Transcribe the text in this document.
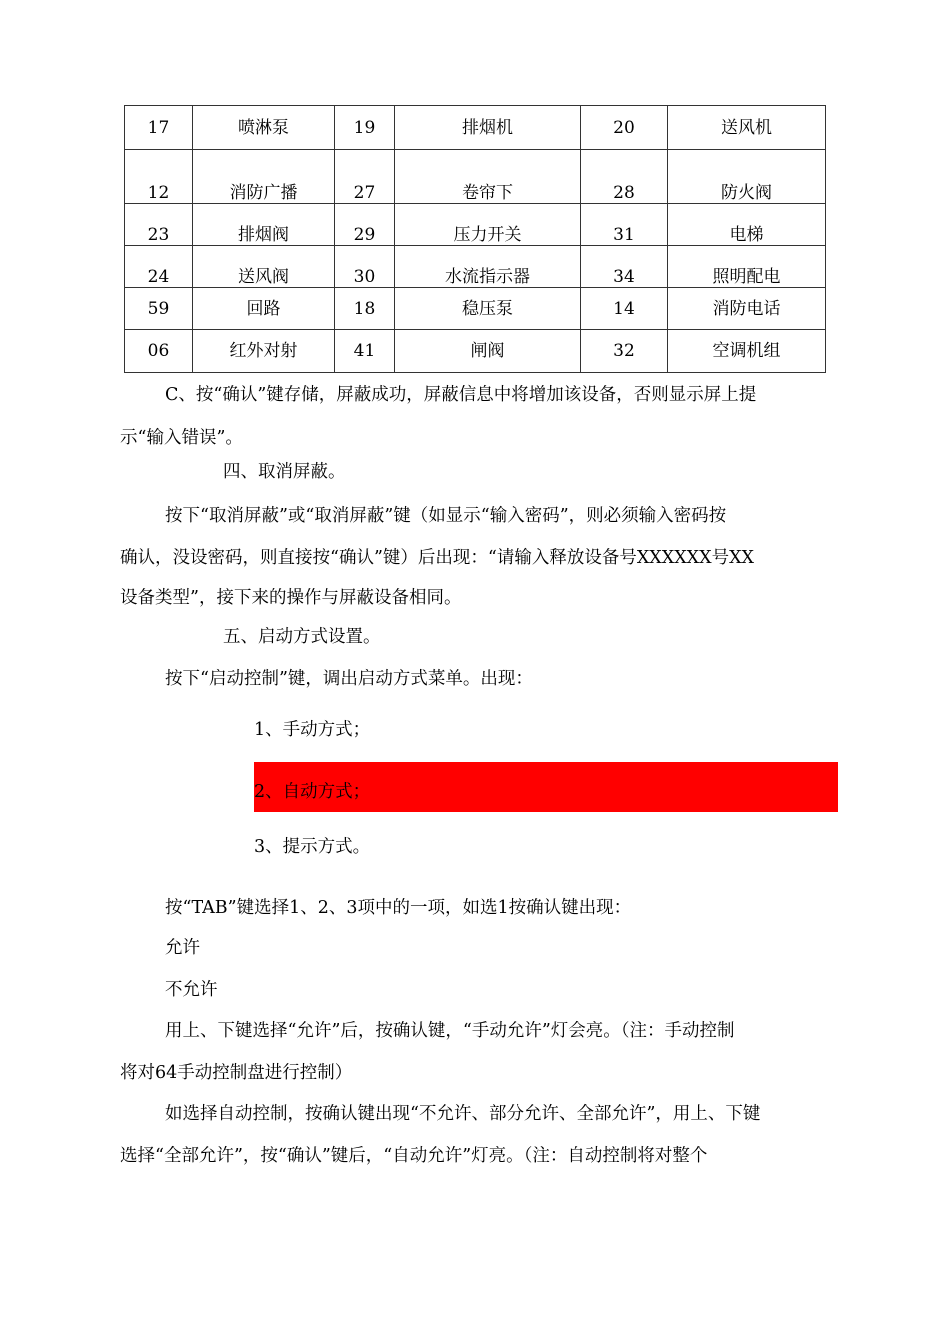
17	喷淋泵	19	排烟机	20	送风机
12	消防广播	27	卷帘下	28	防火阀
23	排烟阀	29	压力开关	31	电梯
24	送风阀	30	水流指示器	34	照明配电
59	回路	18	稳压泵	14	消防电话
06	红外对射	41	闸阀	32	空调机组

C、按“确认”键存储，屏蔽成功，屏蔽信息中将增加该设备，否则显示屏上提

示“输入错误”。

四、取消屏蔽。

按下“取消屏蔽”或“取消屏蔽”键（如显示“输入密码”，则必须输入密码按

确认，没设密码，则直接按“确认”键）后出现：“请输入释放设备号XXXXXX号XX

设备类型”，接下来的操作与屏蔽设备相同。

五、启动方式设置。

按下“启动控制”键，调出启动方式菜单。出现：

1、手动方式；

2、自动方式；

3、提示方式。

按“TAB”键选择1、2、3项中的一项，如选1按确认键出现：

允许

不允许

用上、下键选择“允许”后，按确认键，“手动允许”灯会亮。（注：手动控制

将对64手动控制盘进行控制）

如选择自动控制，按确认键出现“不允许、部分允许、全部允许”，用上、下键

选择“全部允许”，按“确认”键后，“自动允许”灯亮。（注：自动控制将对整个
